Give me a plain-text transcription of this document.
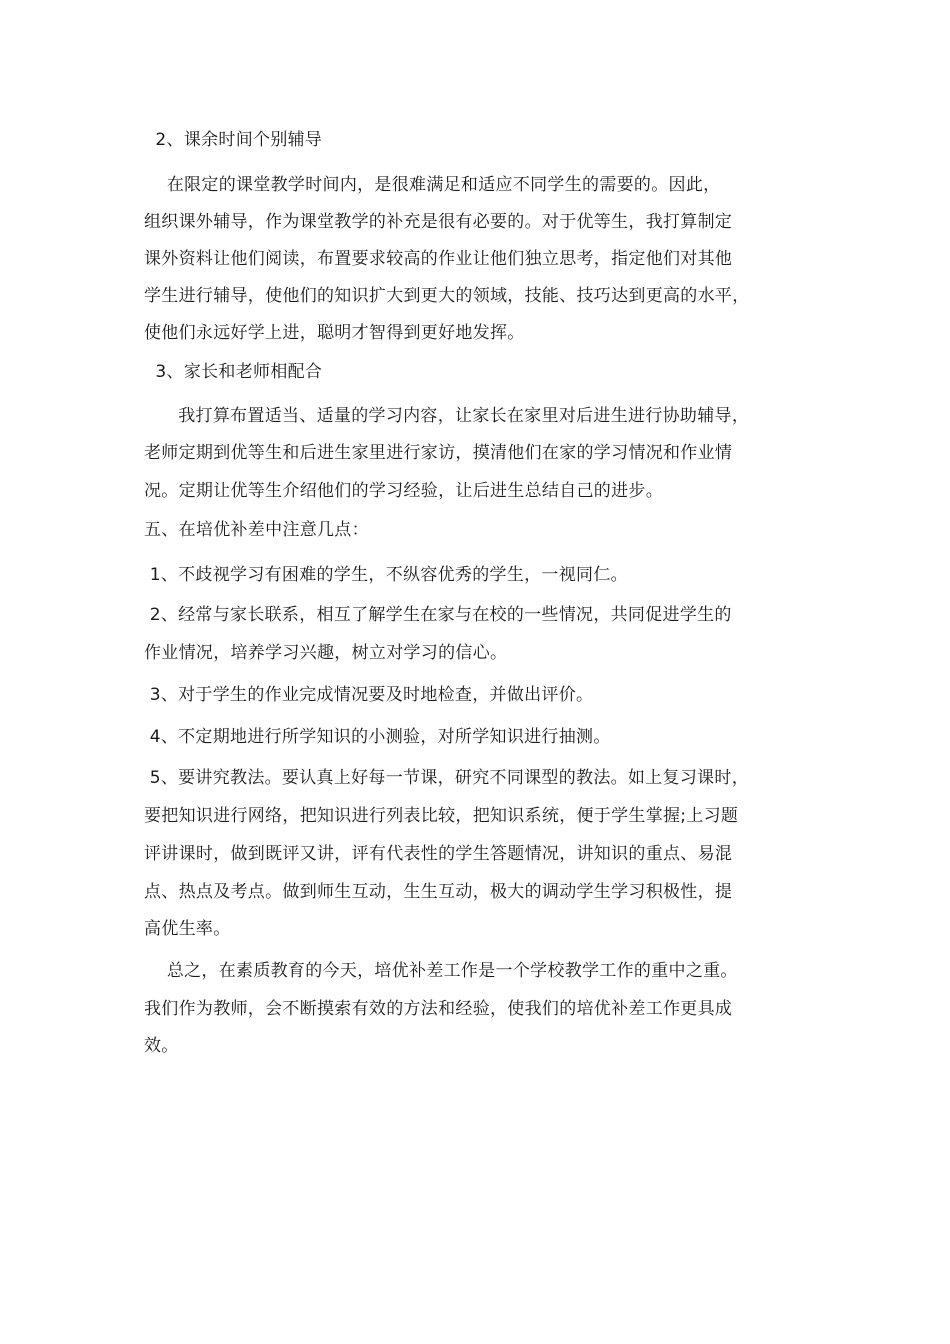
2、课余时间个别辅导
在限定的课堂教学时间内，是很难满足和适应不同学生的需要的。因此，
组织课外辅导，作为课堂教学的补充是很有必要的。对于优等生，我打算制定
课外资料让他们阅读，布置要求较高的作业让他们独立思考，指定他们对其他
学生进行辅导，使他们的知识扩大到更大的领域，技能、技巧达到更高的水平，
使他们永远好学上进，聪明才智得到更好地发挥。
3、家长和老师相配合
我打算布置适当、适量的学习内容，让家长在家里对后进生进行协助辅导，
老师定期到优等生和后进生家里进行家访，摸清他们在家的学习情况和作业情
况。定期让优等生介绍他们的学习经验，让后进生总结自己的进步。
五、在培优补差中注意几点：
1、不歧视学习有困难的学生，不纵容优秀的学生，一视同仁。
2、经常与家长联系，相互了解学生在家与在校的一些情况，共同促进学生的
作业情况，培养学习兴趣，树立对学习的信心。
3、对于学生的作业完成情况要及时地检查，并做出评价。
4、不定期地进行所学知识的小测验，对所学知识进行抽测。
5、要讲究教法。要认真上好每一节课，研究不同课型的教法。如上复习课时，
要把知识进行网络，把知识进行列表比较，把知识系统，便于学生掌握;上习题
评讲课时，做到既评又讲，评有代表性的学生答题情况，讲知识的重点、易混
点、热点及考点。做到师生互动，生生互动，极大的调动学生学习积极性，提
高优生率。
总之，在素质教育的今天，培优补差工作是一个学校教学工作的重中之重。
我们作为教师，会不断摸索有效的方法和经验，使我们的培优补差工作更具成
效。
